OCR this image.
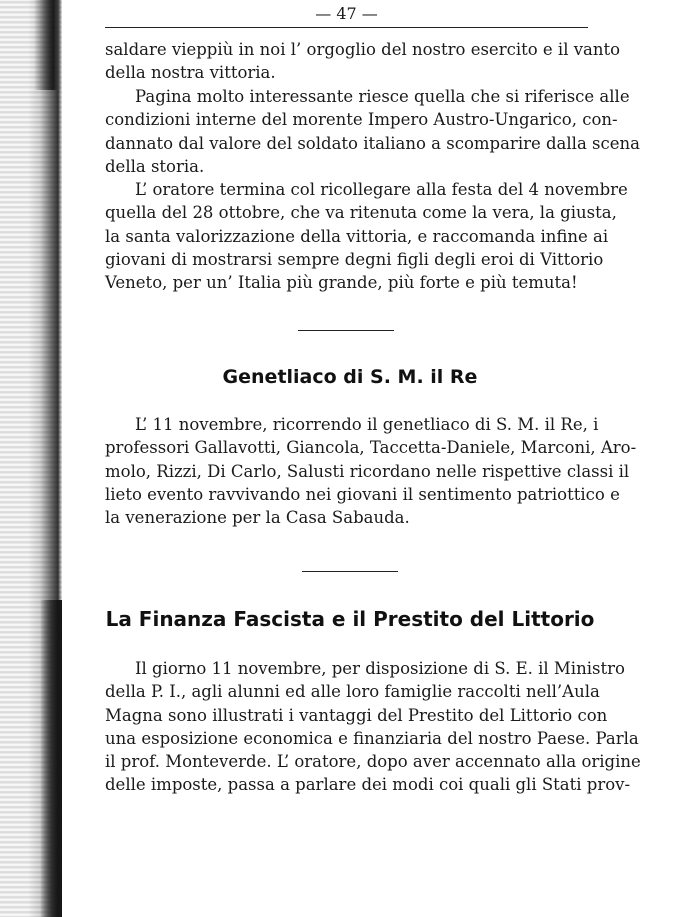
— 47 —
saldare vieppiù in noi l’ orgoglio del nostro esercito e il vanto
della nostra vittoria.
Pagina molto interessante riesce quella che si riferisce alle
condizioni interne del morente Impero Austro-Ungarico, con-
dannato dal valore del soldato italiano a scomparire dalla scena
della storia.
L’ oratore termina col ricollegare alla festa del 4 novembre
quella del 28 ottobre, che va ritenuta come la vera, la giusta,
la santa valorizzazione della vittoria, e raccomanda infine ai
giovani di mostrarsi sempre degni figli degli eroi di Vittorio
Veneto, per un’ Italia più grande, più forte e più temuta!
Genetliaco di S. M. il Re
L’ 11 novembre, ricorrendo il genetliaco di S. M. il Re, i
professori Gallavotti, Giancola, Taccetta-Daniele, Marconi, Aro-
molo, Rizzi, Di Carlo, Salusti ricordano nelle rispettive classi il
lieto evento ravvivando nei giovani il sentimento patriottico e
la venerazione per la Casa Sabauda.
La Finanza Fascista e il Prestito del Littorio
Il giorno 11 novembre, per disposizione di S. E. il Ministro
della P. I., agli alunni ed alle loro famiglie raccolti nell’Aula
Magna sono illustrati i vantaggi del Prestito del Littorio con
una esposizione economica e finanziaria del nostro Paese. Parla
il prof. Monteverde. L’ oratore, dopo aver accennato alla origine
delle imposte, passa a parlare dei modi coi quali gli Stati prov-
